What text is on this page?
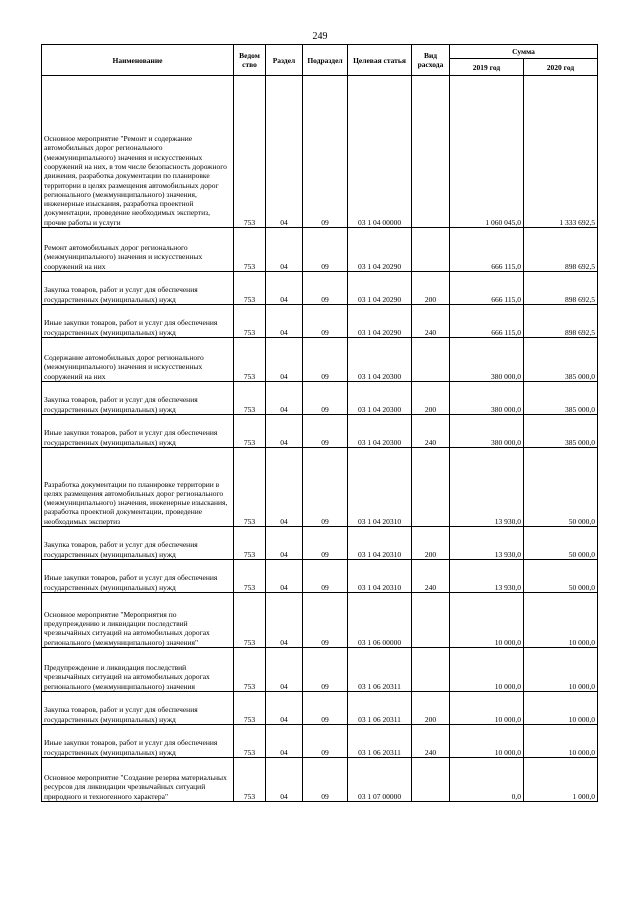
249
Наименование	Ведом ство	Раздел	Подраздел	Целевая статья	Вид расхода	Сумма	
						2019 год	2020 год
Основное мероприятие "Ремонт и содержание автомобильных дорог регионального (межмуниципального) значения и искусственных сооружений на них, в том числе безопасность дорожного движения, разработка документации по планировке территории в целях размещения автомобильных дорог регионального (межмуниципального) значения, инженерные изыскания, разработка проектной документации, проведение необходимых экспертиз, прочие работы и услуги	753	04	09	03 1 04 00000		1 060 045,0	1 333 692,5
Ремонт автомобильных дорог регионального (межмуниципального) значения и искусственных сооружений на них	753	04	09	03 1 04 20290		666 115,0	898 692,5
Закупка товаров, работ и услуг для обеспечения государственных (муниципальных) нужд	753	04	09	03 1 04 20290	200	666 115,0	898 692,5
Иные закупки товаров, работ и услуг для обеспечения государственных (муниципальных) нужд	753	04	09	03 1 04 20290	240	666 115,0	898 692,5
Содержание автомобильных дорог регионального (межмуниципального) значения и искусственных сооружений на них	753	04	09	03 1 04 20300		380 000,0	385 000,0
Закупка товаров, работ и услуг для обеспечения государственных (муниципальных) нужд	753	04	09	03 1 04 20300	200	380 000,0	385 000,0
Иные закупки товаров, работ и услуг для обеспечения государственных (муниципальных) нужд	753	04	09	03 1 04 20300	240	380 000,0	385 000,0
Разработка документации по планировке территории в целях размещения автомобильных дорог регионального (межмуниципального) значения, инженерные изыскания, разработка проектной документации, проведение необходимых экспертиз	753	04	09	03 1 04 20310		13 930,0	50 000,0
Закупка товаров, работ и услуг для обеспечения государственных (муниципальных) нужд	753	04	09	03 1 04 20310	200	13 930,0	50 000,0
Иные закупки товаров, работ и услуг для обеспечения государственных (муниципальных) нужд	753	04	09	03 1 04 20310	240	13 930,0	50 000,0
Основное мероприятие "Мероприятия по предупреждению и ликвидации последствий чрезвычайных ситуаций на автомобильных дорогах регионального (межмуниципального) значения"	753	04	09	03 1 06 00000		10 000,0	10 000,0
Предупреждение и ликвидация последствий чрезвычайных ситуаций на автомобильных дорогах регионального (межмуниципального) значения	753	04	09	03 1 06 20311		10 000,0	10 000,0
Закупка товаров, работ и услуг для обеспечения государственных (муниципальных) нужд	753	04	09	03 1 06 20311	200	10 000,0	10 000,0
Иные закупки товаров, работ и услуг для обеспечения государственных (муниципальных) нужд	753	04	09	03 1 06 20311	240	10 000,0	10 000,0
Основное мероприятие "Создание резерва материальных ресурсов для ликвидации чрезвычайных ситуаций природного и техногенного характера"	753	04	09	03 1 07 00000		0,0	1 000,0
